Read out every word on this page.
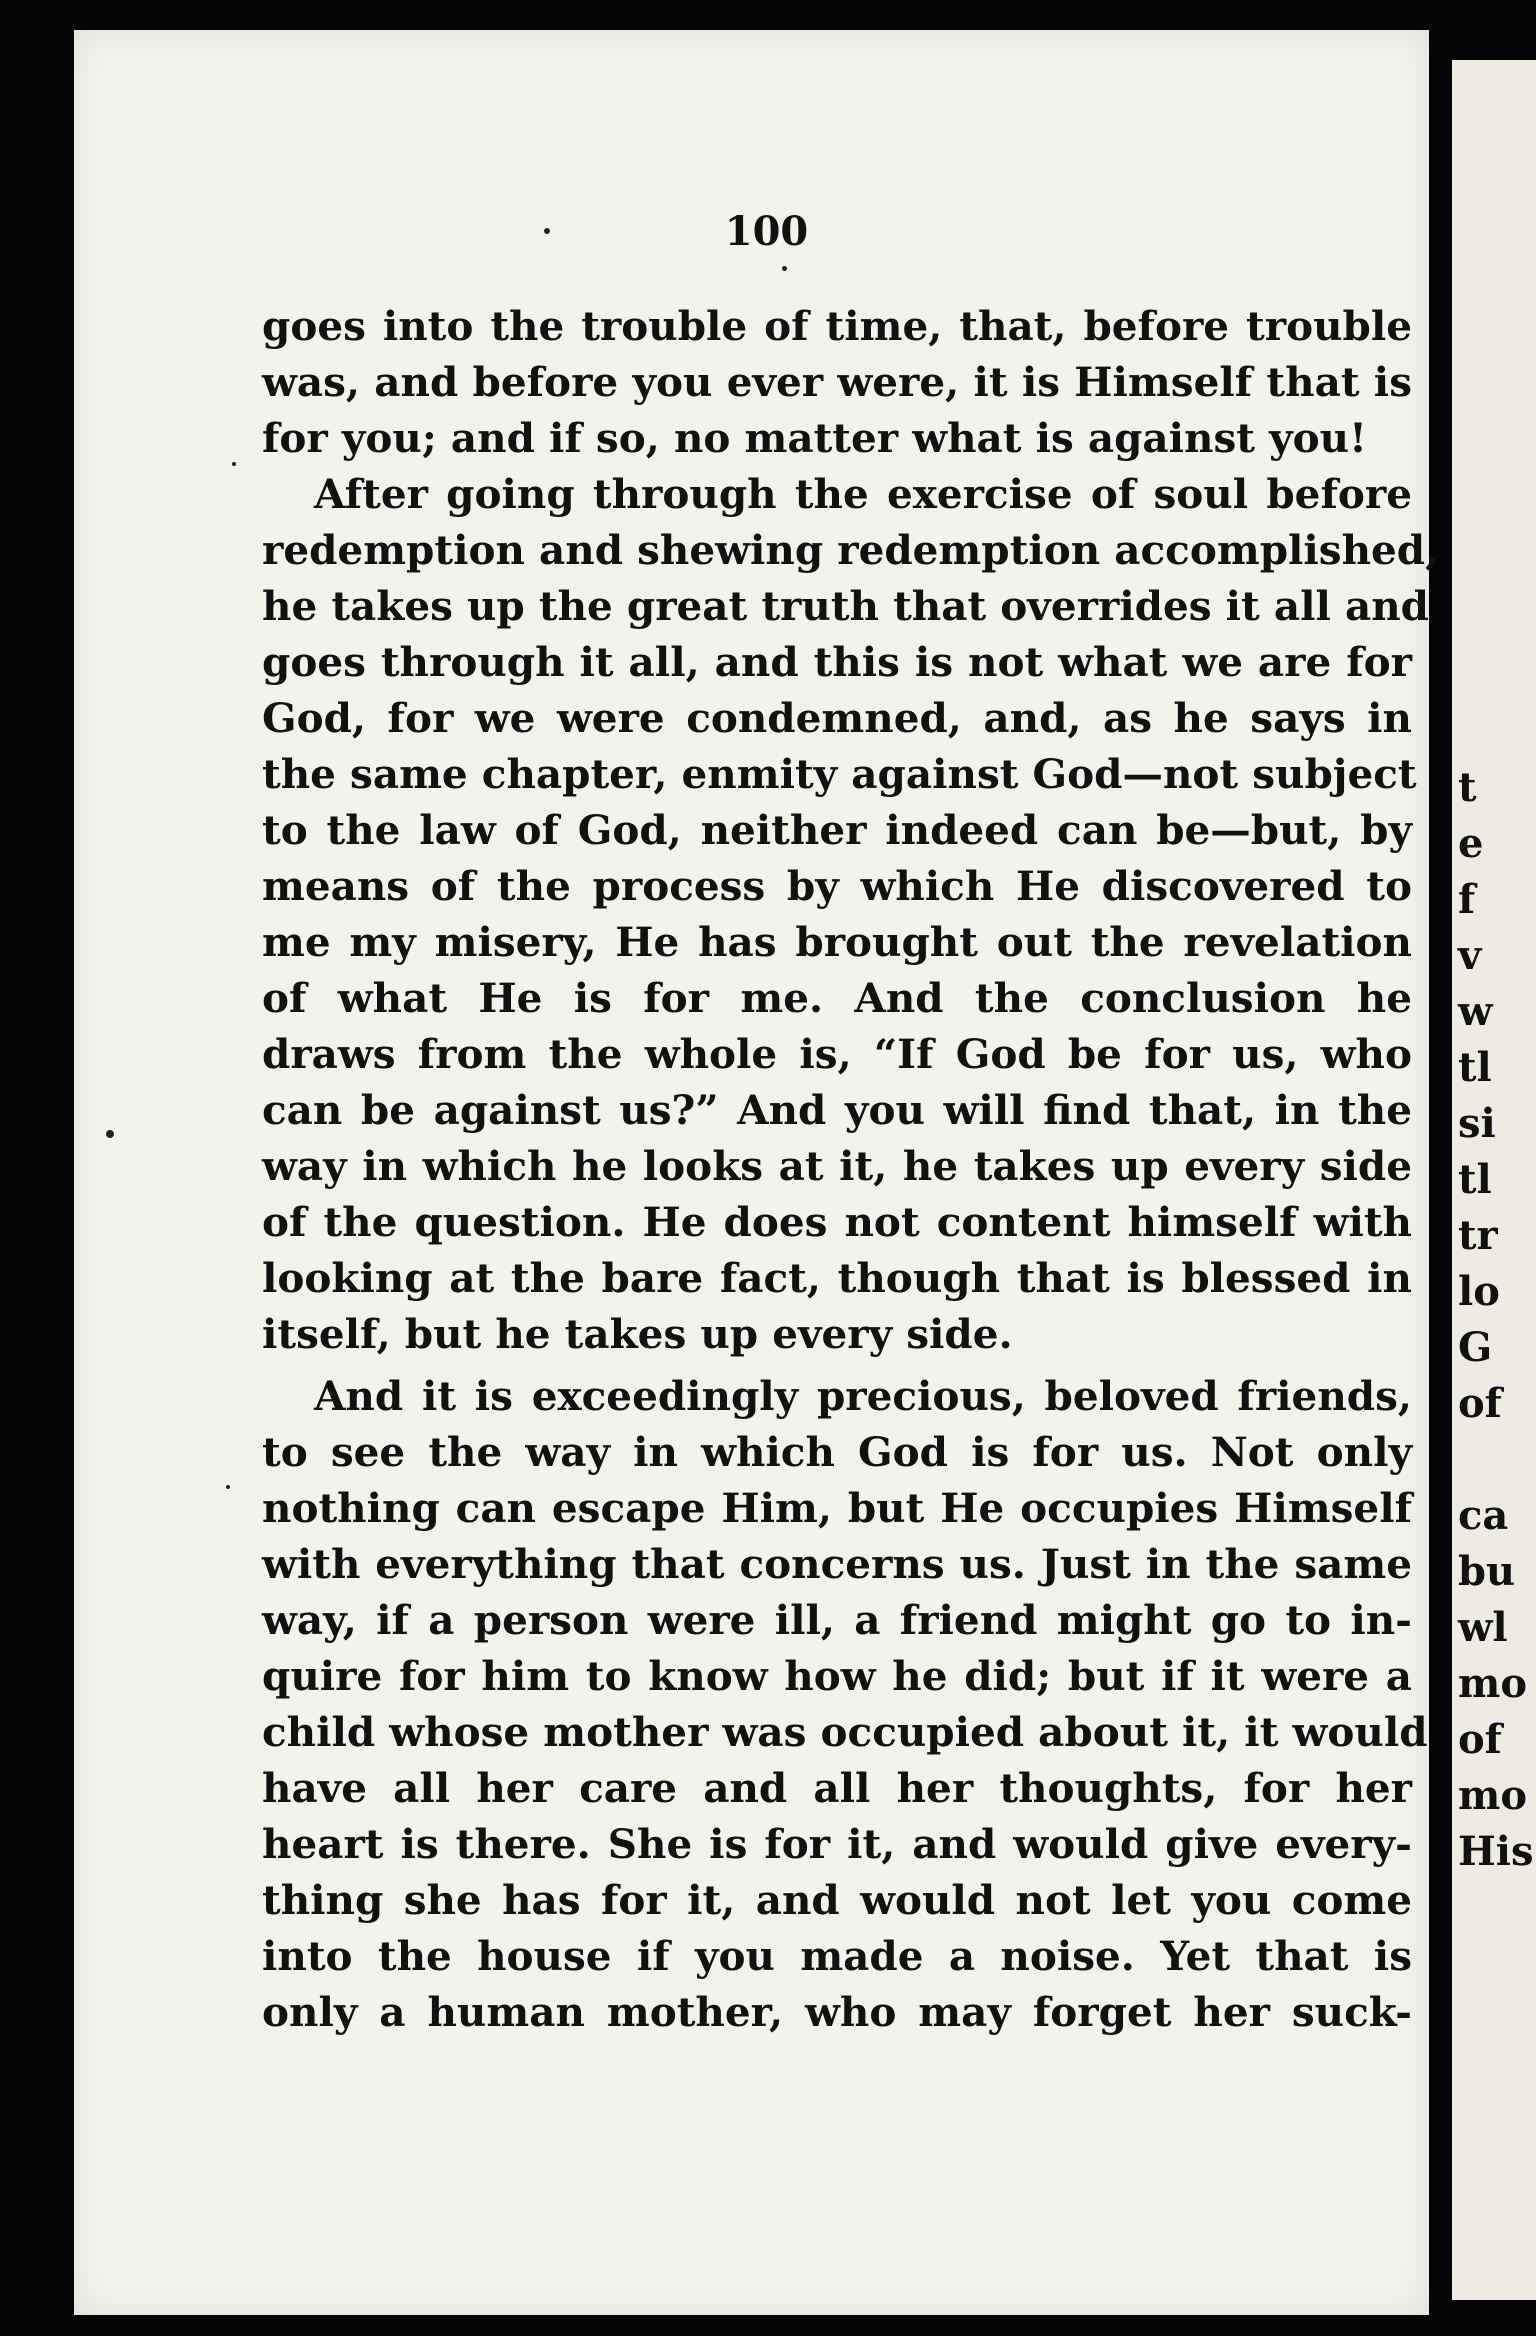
100
goes into the trouble of time, that, before trouble
was, and before you ever were, it is Himself that is
for you; and if so, no matter what is against you!
After going through the exercise of soul before
redemption and shewing redemption accomplished,
he takes up the great truth that overrides it all and
goes through it all, and this is not what we are for
God, for we were condemned, and, as he says in
the same chapter, enmity against God—not subject
to the law of God, neither indeed can be—but, by
means of the process by which He discovered to
me my misery, He has brought out the revelation
of what He is for me. And the conclusion he
draws from the whole is, “If God be for us, who
can be against us?” And you will find that, in the
way in which he looks at it, he takes up every side
of the question. He does not content himself with
looking at the bare fact, though that is blessed in
itself, but he takes up every side.
And it is exceedingly precious, beloved friends,
to see the way in which God is for us. Not only
nothing can escape Him, but He occupies Himself
with everything that concerns us. Just in the same
way, if a person were ill, a friend might go to in-
quire for him to know how he did; but if it were a
child whose mother was occupied about it, it would
have all her care and all her thoughts, for her
heart is there. She is for it, and would give every-
thing she has for it, and would not let you come
into the house if you made a noise. Yet that is
only a human mother, who may forget her suck-
t
e
f
v
w
tl
si
tl
tr
lo
G
of
ca
bu
wl
mo
of
mo
His
